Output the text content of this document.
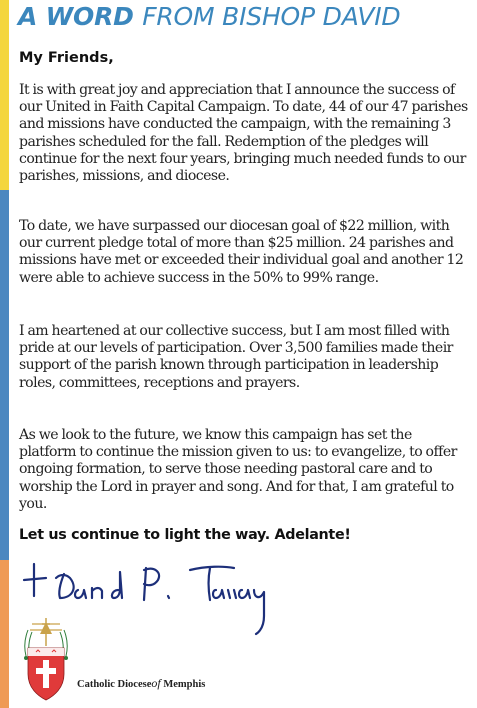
A WORD FROM BISHOP DAVID
My Friends,

It is with great joy and appreciation that I announce the success of our United in Faith Capital Campaign. To date, 44 of our 47 parishes and missions have conducted the campaign, with the remaining 3 parishes scheduled for the fall. Redemption of the pledges will continue for the next four years, bringing much needed funds to our parishes, missions, and diocese.

To date, we have surpassed our diocesan goal of $22 million, with our current pledge total of more than $25 million. 24 parishes and missions have met or exceeded their individual goal and another 12 were able to achieve success in the 50% to 99% range.

I am heartened at our collective success, but I am most filled with pride at our levels of participation. Over 3,500 families made their support of the parish known through participation in leadership roles, committees, receptions and prayers.

As we look to the future, we know this campaign has set the platform to continue the mission given to us: to evangelize, to offer ongoing formation, to serve those needing pastoral care and to worship the Lord in prayer and song. And for that, I am grateful to you.

Let us continue to light the way. Adelante!
Catholic Dioceseof Memphis
